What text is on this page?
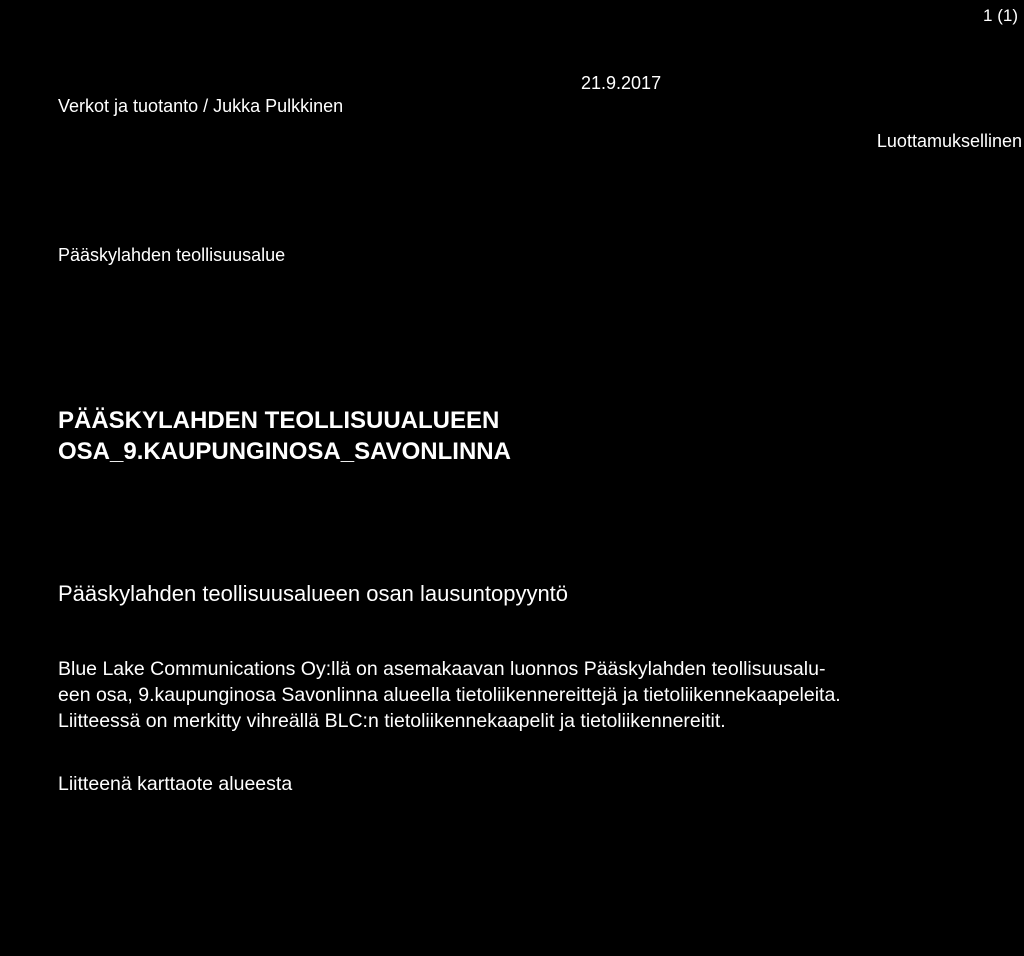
1 (1)
Verkot ja tuotanto / Jukka Pulkkinen
21.9.2017
Luottamuksellinen
Pääskylahden teollisuusalue
PÄÄSKYLAHDEN TEOLLISUUALUEEN
OSA_9.KAUPUNGINOSA_SAVONLINNA
Pääskylahden teollisuusalueen osan lausuntopyyntö
Blue Lake Communications Oy:llä on asemakaavan luonnos Pääskylahden teollisuusalu-
een osa, 9.kaupunginosa Savonlinna alueella tietoliikennereittejä ja tietoliikennekaapeleita.
Liitteessä on merkitty vihreällä BLC:n tietoliikennekaapelit ja tietoliikennereitit.
Liitteenä karttaote alueesta
